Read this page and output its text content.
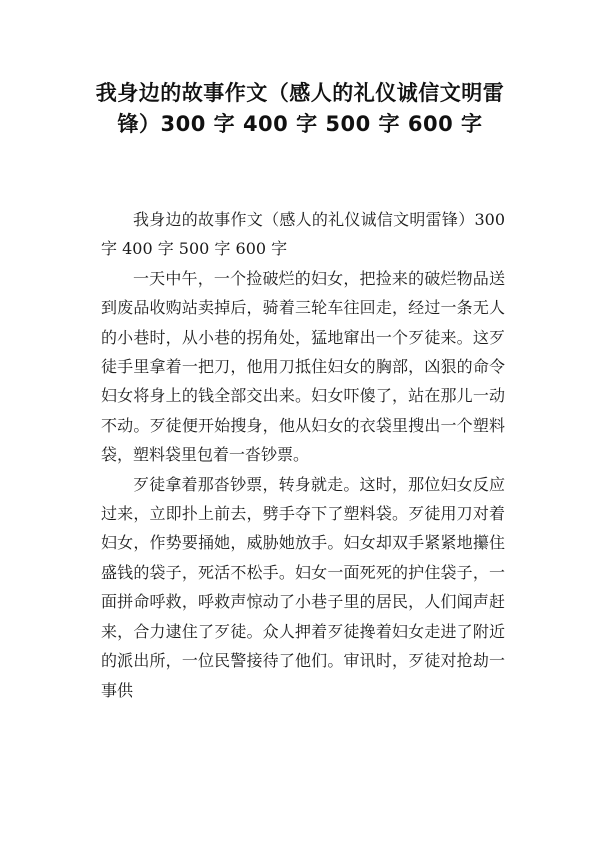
我身边的故事作文（感人的礼仪诚信文明雷锋）300 字 400 字 500 字 600 字

我身边的故事作文（感人的礼仪诚信文明雷锋）300 字 400 字 500 字 600 字

一天中午，一个捡破烂的妇女，把捡来的破烂物品送到废品收购站卖掉后，骑着三轮车往回走，经过一条无人的小巷时，从小巷的拐角处，猛地窜出一个歹徒来。这歹徒手里拿着一把刀，他用刀抵住妇女的胸部，凶狠的命令妇女将身上的钱全部交出来。妇女吓傻了，站在那儿一动不动。歹徒便开始搜身，他从妇女的衣袋里搜出一个塑料袋，塑料袋里包着一沓钞票。

歹徒拿着那沓钞票，转身就走。这时，那位妇女反应过来，立即扑上前去，劈手夺下了塑料袋。歹徒用刀对着妇女，作势要捅她，威胁她放手。妇女却双手紧紧地攥住盛钱的袋子，死活不松手。妇女一面死死的护住袋子，一面拼命呼救，呼救声惊动了小巷子里的居民，人们闻声赶来，合力逮住了歹徒。众人押着歹徒搀着妇女走进了附近的派出所，一位民警接待了他们。审讯时，歹徒对抢劫一事供
